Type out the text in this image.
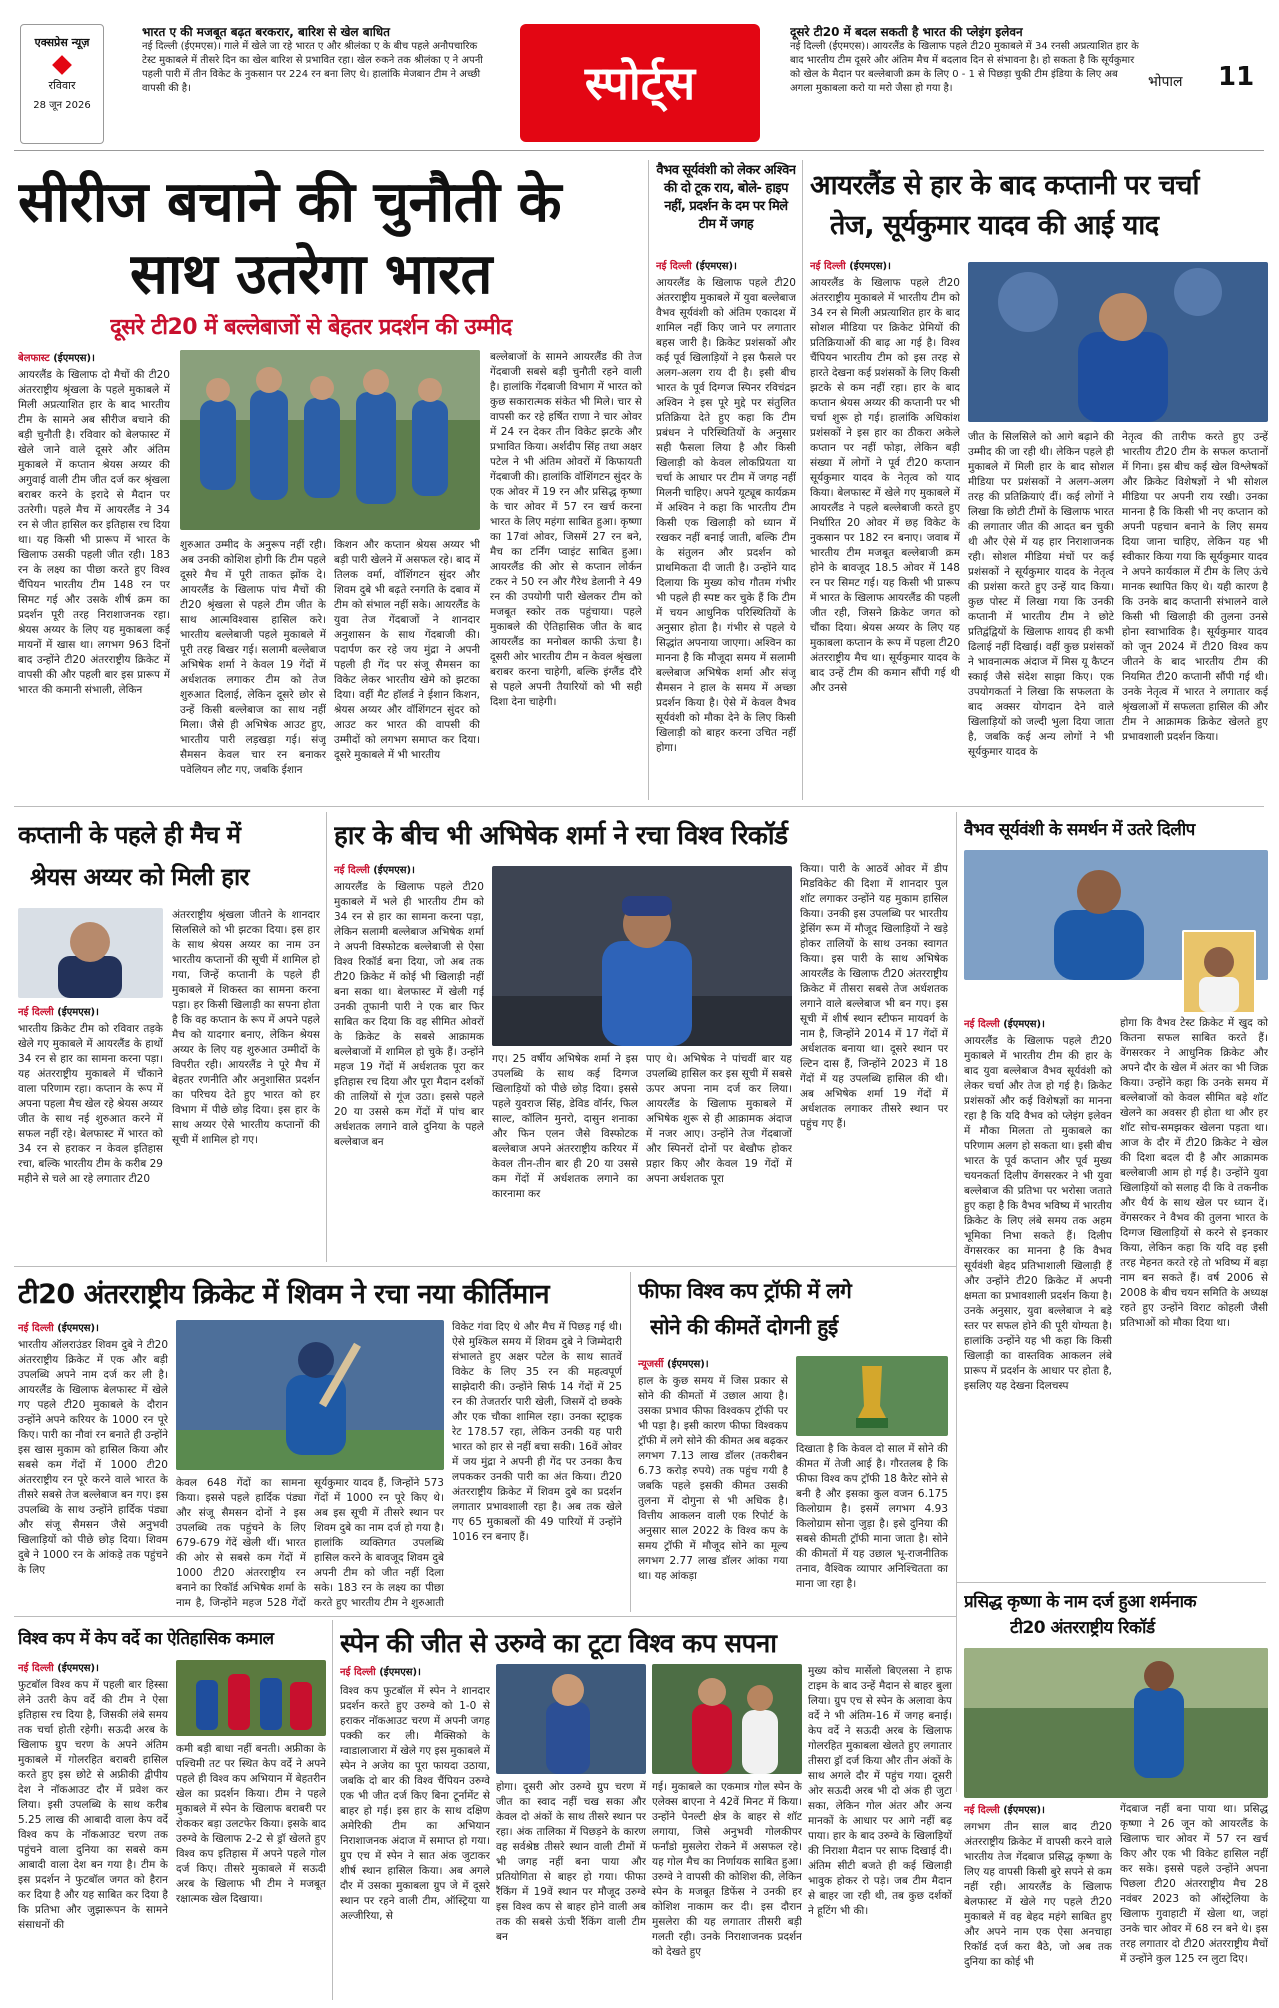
एक्सप्रेस न्यूज़
रविवार
28 जून 2026
भारत ए की मजबूत बढ़त बरकरार, बारिश से खेल बाधित
नई दिल्ली (ईएमएस)। गाले में खेले जा रहे भारत ए और श्रीलंका ए के बीच पहले अनौपचारिक टेस्ट मुकाबले में तीसरे दिन का खेल बारिश से प्रभावित रहा। खेल रुकने तक श्रीलंका ए ने अपनी पहली पारी में तीन विकेट के नुकसान पर 224 रन बना लिए थे। हालांकि मेजबान टीम ने अच्छी वापसी की है।	स्पोर्ट्स
दूसरे टी20 में बदल सकती है भारत की प्लेइंग इलेवन
नई दिल्ली (ईएमएस)। आयरलैंड के खिलाफ पहले टी20 मुकाबले में 34 रनसी अप्रत्याशित हार के बाद भारतीय टीम दूसरे और अंतिम मैच में बदलाव दिन से संभावना है। हो सकता है कि सूर्यकुमार को खेल के मैदान पर बल्लेबाजी क्रम के लिए 0 - 1 से पिछड़ा चुकी टीम इंडिया के लिए अब अगला मुकाबला करो या मरो जैसा हो गया है।	भोपाल	11
सीरीज बचाने की चुनौती के
साथ उतरेगा भारत
दूसरे टी20 में बल्लेबाजों से बेहतर प्रदर्शन की उम्मीद
बेलफास्ट (ईएमएस)।
आयरलैंड के खिलाफ दो मैचों की टी20 अंतरराष्ट्रीय श्रृंखला के पहले मुकाबले में मिली अप्रत्याशित हार के बाद भारतीय टीम के सामने अब सीरीज बचाने की बड़ी चुनौती है। रविवार को बेलफास्ट में खेले जाने वाले दूसरे और अंतिम मुकाबले में कप्तान श्रेयस अय्यर की अगुवाई वाली टीम जीत दर्ज कर श्रृंखला बराबर करने के इरादे से मैदान पर उतरेगी। पहले मैच में आयरलैंड ने 34 रन से जीत हासिल कर इतिहास रच दिया था। यह किसी भी प्रारूप में भारत के खिलाफ उसकी पहली जीत रही। 183 रन के लक्ष्य का पीछा करते हुए विश्व चैंपियन भारतीय टीम 148 रन पर सिमट गई और उसके शीर्ष क्रम का प्रदर्शन पूरी तरह निराशाजनक रहा। श्रेयस अय्यर के लिए यह मुकाबला कई मायनों में खास था। लगभग 963 दिनों बाद उन्होंने टी20 अंतरराष्ट्रीय क्रिकेट में वापसी की और पहली बार इस प्रारूप में भारत की कमानी संभाली, लेकिन
शुरुआत उम्मीद के अनुरूप नहीं रही। अब उनकी कोशिश होगी कि टीम पहले दूसरे मैच में पूरी ताकत झोंक दे। आयरलैंड के खिलाफ पांच मैचों की टी20 श्रृंखला से पहले टीम जीत के साथ आत्मविश्वास हासिल करे। भारतीय बल्लेबाजी पहले मुकाबले में पूरी तरह बिखर गई। सलामी बल्लेबाज अभिषेक शर्मा ने केवल 19 गेंदों में अर्धशतक लगाकर टीम को तेज शुरुआत दिलाई, लेकिन दूसरे छोर से उन्हें किसी बल्लेबाज का साथ नहीं मिला। जैसे ही अभिषेक आउट हुए, भारतीय पारी लड़खड़ा गई। संजू सैमसन केवल चार रन बनाकर पवेलियन लौट गए, जबकि ईशान
किशन और कप्तान श्रेयस अय्यर भी बड़ी पारी खेलने में असफल रहे। बाद में तिलक वर्मा, वॉशिंगटन सुंदर और शिवम दुबे भी बढ़ते रनगति के दबाव में टीम को संभाल नहीं सके। आयरलैंड के युवा तेज गेंदबाजों ने शानदार अनुशासन के साथ गेंदबाजी की। पदार्पण कर रहे जय मुंद्रा ने अपनी पहली ही गेंद पर संजू सैमसन का विकेट लेकर भारतीय खेमे को झटका दिया। वहीं मैट हॉलर्ड ने ईशान किशन, श्रेयस अय्यर और वॉशिंगटन सुंदर को आउट कर भारत की वापसी की उम्मीदों को लगभग समाप्त कर दिया। दूसरे मुकाबले में भी भारतीय
बल्लेबाजों के सामने आयरलैंड की तेज गेंदबाजी सबसे बड़ी चुनौती रहने वाली है। हालांकि गेंदबाजी विभाग में भारत को कुछ सकारात्मक संकेत भी मिले। चार से वापसी कर रहे हर्षित राणा ने चार ओवर में 24 रन देकर तीन विकेट झटके और प्रभावित किया। अर्शदीप सिंह तथा अक्षर पटेल ने भी अंतिम ओवरों में किफायती गेंदबाजी की। हालांकि वॉशिंगटन सुंदर के एक ओवर में 19 रन और प्रसिद्ध कृष्णा के चार ओवर में 57 रन खर्च करना भारत के लिए महंगा साबित हुआ। कृष्णा का 17वां ओवर, जिसमें 27 रन बने, मैच का टर्निंग प्वाइंट साबित हुआ। आयरलैंड की ओर से कप्तान लोर्कन टकर ने 50 रन और गैरेथ डेलानी ने 49 रन की उपयोगी पारी खेलकर टीम को मजबूत स्कोर तक पहुंचाया। पहले मुकाबले की ऐतिहासिक जीत के बाद आयरलैंड का मनोबल काफी ऊंचा है। दूसरी ओर भारतीय टीम न केवल श्रृंखला बराबर करना चाहेगी, बल्कि इंग्लैंड दौरे से पहले अपनी तैयारियों को भी सही दिशा देना चाहेगी।
वैभव सूर्यवंशी को लेकर अश्विन की दो टूक राय, बोले- हाइप नहीं, प्रदर्शन के दम पर मिले टीम में जगह
नई दिल्ली (ईएमएस)।
आयरलैंड के खिलाफ पहले टी20 अंतरराष्ट्रीय मुकाबले में युवा बल्लेबाज वैभव सूर्यवंशी को अंतिम एकादश में शामिल नहीं किए जाने पर लगातार बहस जारी है। क्रिकेट प्रशंसकों और कई पूर्व खिलाड़ियों ने इस फैसले पर अलग-अलग राय दी है। इसी बीच भारत के पूर्व दिग्गज स्पिनर रविचंद्रन अश्विन ने इस पूरे मुद्दे पर संतुलित प्रतिक्रिया देते हुए कहा कि टीम प्रबंधन ने परिस्थितियों के अनुसार सही फैसला लिया है और किसी खिलाड़ी को केवल लोकप्रियता या चर्चा के आधार पर टीम में जगह नहीं मिलनी चाहिए। अपने यूट्यूब कार्यक्रम में अश्विन ने कहा कि भारतीय टीम किसी एक खिलाड़ी को ध्यान में रखकर नहीं बनाई जाती, बल्कि टीम के संतुलन और प्रदर्शन को प्राथमिकता दी जाती है। उन्होंने याद दिलाया कि मुख्य कोच गौतम गंभीर भी पहले ही स्पष्ट कर चुके हैं कि टीम में चयन आधुनिक परिस्थितियों के अनुसार होता है। गंभीर से पहले ये सिद्धांत अपनाया जाएगा। अश्विन का मानना है कि मौजूदा समय में सलामी बल्लेबाज अभिषेक शर्मा और संजू सैमसन ने हाल के समय में अच्छा प्रदर्शन किया है। ऐसे में केवल वैभव सूर्यवंशी को मौका देने के लिए किसी खिलाड़ी को बाहर करना उचित नहीं होगा।
आयरलैंड से हार के बाद कप्तानी पर चर्चा
तेज, सूर्यकुमार यादव की आई याद
नई दिल्ली (ईएमएस)।
आयरलैंड के खिलाफ पहले टी20 अंतरराष्ट्रीय मुकाबले में भारतीय टीम को 34 रन से मिली अप्रत्याशित हार के बाद सोशल मीडिया पर क्रिकेट प्रेमियों की प्रतिक्रियाओं की बाढ़ आ गई है। विश्व चैंपियन भारतीय टीम को इस तरह से हारते देखना कई प्रशंसकों के लिए किसी झटके से कम नहीं रहा। हार के बाद कप्तान श्रेयस अय्यर की कप्तानी पर भी चर्चा शुरू हो गई। हालांकि अधिकांश प्रशंसकों ने इस हार का ठीकरा अकेले कप्तान पर नहीं फोड़ा, लेकिन बड़ी संख्या में लोगों ने पूर्व टी20 कप्तान सूर्यकुमार यादव के नेतृत्व को याद किया। बेलफास्ट में खेले गए मुकाबले में आयरलैंड ने पहले बल्लेबाजी करते हुए निर्धारित 20 ओवर में छह विकेट के नुकसान पर 182 रन बनाए। जवाब में भारतीय टीम मजबूत बल्लेबाजी क्रम होने के बावजूद 18.5 ओवर में 148 रन पर सिमट गई। यह किसी भी प्रारूप में भारत के खिलाफ आयरलैंड की पहली जीत रही, जिसने क्रिकेट जगत को चौंका दिया। श्रेयस अय्यर के लिए यह मुकाबला कप्तान के रूप में पहला टी20 अंतरराष्ट्रीय मैच था। सूर्यकुमार यादव के बाद उन्हें टीम की कमान सौंपी गई थी और उनसे
जीत के सिलसिले को आगे बढ़ाने की उम्मीद की जा रही थी। लेकिन पहले ही मुकाबले में मिली हार के बाद सोशल मीडिया पर प्रशंसकों ने अलग-अलग तरह की प्रतिक्रियाएं दीं। कई लोगों ने लिखा कि छोटी टीमों के खिलाफ भारत की लगातार जीत की आदत बन चुकी थी और ऐसे में यह हार निराशाजनक रही। सोशल मीडिया मंचों पर कई प्रशंसकों ने सूर्यकुमार यादव के नेतृत्व की प्रशंसा करते हुए उन्हें याद किया। कुछ पोस्ट में लिखा गया कि उनकी कप्तानी में भारतीय टीम ने छोटे प्रतिद्वंद्वियों के खिलाफ शायद ही कभी ढिलाई नहीं दिखाई। वहीं कुछ प्रशंसकों ने भावनात्मक अंदाज में मिस यू कैप्टन स्काई जैसे संदेश साझा किए। एक उपयोगकर्ता ने लिखा कि सफलता के बाद अक्सर योगदान देने वाले खिलाड़ियों को जल्दी भुला दिया जाता है, जबकि कई अन्य लोगों ने भी सूर्यकुमार यादव के
नेतृत्व की तारीफ करते हुए उन्हें भारतीय टी20 टीम के सफल कप्तानों में गिना। इस बीच कई खेल विश्लेषकों और क्रिकेट विशेषज्ञों ने भी सोशल मीडिया पर अपनी राय रखी। उनका मानना है कि किसी भी नए कप्तान को अपनी पहचान बनाने के लिए समय दिया जाना चाहिए, लेकिन यह भी स्वीकार किया गया कि सूर्यकुमार यादव ने अपने कार्यकाल में टीम के लिए ऊंचे मानक स्थापित किए थे। यही कारण है कि उनके बाद कप्तानी संभालने वाले किसी भी खिलाड़ी की तुलना उनसे होना स्वाभाविक है। सूर्यकुमार यादव को जून 2024 में टी20 विश्व कप जीतने के बाद भारतीय टीम की नियमित टी20 कप्तानी सौंपी गई थी। उनके नेतृत्व में भारत ने लगातार कई श्रृंखलाओं में सफलता हासिल की और टीम ने आक्रामक क्रिकेट खेलते हुए प्रभावशाली प्रदर्शन किया।
कप्तानी के पहले ही मैच में
श्रेयस अय्यर को मिली हार
नई दिल्ली (ईएमएस)।
भारतीय क्रिकेट टीम को रविवार तड़के खेले गए मुकाबले में आयरलैंड के हाथों 34 रन से हार का सामना करना पड़ा। यह अंतरराष्ट्रीय मुकाबले में चौंकाने वाला परिणाम रहा। कप्तान के रूप में अपना पहला मैच खेल रहे श्रेयस अय्यर जीत के साथ नई शुरुआत करने में सफल नहीं रहे। बेलफास्ट में भारत को 34 रन से हराकर न केवल इतिहास रचा, बल्कि भारतीय टीम के करीब 29 महीने से चले आ रहे लगातार टी20
अंतरराष्ट्रीय श्रृंखला जीतने के शानदार सिलसिले को भी झटका दिया। इस हार के साथ श्रेयस अय्यर का नाम उन भारतीय कप्तानों की सूची में शामिल हो गया, जिन्हें कप्तानी के पहले ही मुकाबले में शिकस्त का सामना करना पड़ा। हर किसी खिलाड़ी का सपना होता है कि वह कप्तान के रूप में अपने पहले मैच को यादगार बनाए, लेकिन श्रेयस अय्यर के लिए यह शुरुआत उम्मीदों के विपरीत रही। आयरलैंड ने पूरे मैच में बेहतर रणनीति और अनुशासित प्रदर्शन का परिचय देते हुए भारत को हर विभाग में पीछे छोड़ दिया। इस हार के साथ अय्यर ऐसे भारतीय कप्तानों की सूची में शामिल हो गए।
हार के बीच भी अभिषेक शर्मा ने रचा विश्व रिकॉर्ड
नई दिल्ली (ईएमएस)।
आयरलैंड के खिलाफ पहले टी20 मुकाबले में भले ही भारतीय टीम को 34 रन से हार का सामना करना पड़ा, लेकिन सलामी बल्लेबाज अभिषेक शर्मा ने अपनी विस्फोटक बल्लेबाजी से ऐसा विश्व रिकॉर्ड बना दिया, जो अब तक टी20 क्रिकेट में कोई भी खिलाड़ी नहीं बना सका था। बेलफास्ट में खेली गई उनकी तूफानी पारी ने एक बार फिर साबित कर दिया कि वह सीमित ओवरों के क्रिकेट के सबसे आक्रामक बल्लेबाजों में शामिल हो चुके हैं। उन्होंने महज 19 गेंदों में अर्धशतक पूरा कर इतिहास रच दिया और पूरा मैदान दर्शकों की तालियों से गूंज उठा। इससे पहले 20 या उससे कम गेंदों में पांच बार अर्धशतक लगाने वाले दुनिया के पहले बल्लेबाज बन
गए। 25 वर्षीय अभिषेक शर्मा ने इस उपलब्धि के साथ कई दिग्गज खिलाड़ियों को पीछे छोड़ दिया। इससे पहले युवराज सिंह, डेविड वॉर्नर, फिल साल्ट, कॉलिन मुनरो, दासुन शनाका और फिन एलन जैसे विस्फोटक बल्लेबाज अपने अंतरराष्ट्रीय करियर में केवल तीन-तीन बार ही 20 या उससे कम गेंदों में अर्धशतक लगाने का कारनामा कर
पाए थे। अभिषेक ने पांचवीं बार यह उपलब्धि हासिल कर इस सूची में सबसे ऊपर अपना नाम दर्ज कर लिया। आयरलैंड के खिलाफ मुकाबले में अभिषेक शुरू से ही आक्रामक अंदाज में नजर आए। उन्होंने तेज गेंदबाजों और स्पिनरों दोनों पर बेखौफ होकर प्रहार किए और केवल 19 गेंदों में अपना अर्धशतक पूरा
किया। पारी के आठवें ओवर में डीप मिडविकेट की दिशा में शानदार पुल शॉट लगाकर उन्होंने यह मुकाम हासिल किया। उनकी इस उपलब्धि पर भारतीय ड्रेसिंग रूम में मौजूद खिलाड़ियों ने खड़े होकर तालियों के साथ उनका स्वागत किया। इस पारी के साथ अभिषेक आयरलैंड के खिलाफ टी20 अंतरराष्ट्रीय क्रिकेट में तीसरा सबसे तेज अर्धशतक लगाने वाले बल्लेबाज भी बन गए। इस सूची में शीर्ष स्थान स्टीफन मायवर्ग के नाम है, जिन्होंने 2014 में 17 गेंदों में अर्धशतक बनाया था। दूसरे स्थान पर ल्टिन दास हैं, जिन्होंने 2023 में 18 गेंदों में यह उपलब्धि हासिल की थी। अब अभिषेक शर्मा 19 गेंदों में अर्धशतक लगाकर तीसरे स्थान पर पहुंच गए हैं।
वैभव सूर्यवंशी के समर्थन में उतरे दिलीप
नई दिल्ली (ईएमएस)।
आयरलैंड के खिलाफ पहले टी20 मुकाबले में भारतीय टीम की हार के बाद युवा बल्लेबाज वैभव सूर्यवंशी को लेकर चर्चा और तेज हो गई है। क्रिकेट प्रशंसकों और कई विशेषज्ञों का मानना रहा है कि यदि वैभव को प्लेइंग इलेवन में मौका मिलता तो मुकाबले का परिणाम अलग हो सकता था। इसी बीच भारत के पूर्व कप्तान और पूर्व मुख्य चयनकर्ता दिलीप वेंगसरकर ने भी युवा बल्लेबाज की प्रतिभा पर भरोसा जताते हुए कहा है कि वैभव भविष्य में भारतीय क्रिकेट के लिए लंबे समय तक अहम भूमिका निभा सकते हैं। दिलीप वेंगसरकर का मानना है कि वैभव सूर्यवंशी बेहद प्रतिभाशाली खिलाड़ी हैं और उन्होंने टी20 क्रिकेट में अपनी क्षमता का प्रभावशाली प्रदर्शन किया है। उनके अनुसार, युवा बल्लेबाज ने बड़े स्तर पर सफल होने की पूरी योग्यता है। हालांकि उन्होंने यह भी कहा कि किसी खिलाड़ी का वास्तविक आकलन लंबे प्रारूप में प्रदर्शन के आधार पर होता है, इसलिए यह देखना दिलचस्प
होगा कि वैभव टेस्ट क्रिकेट में खुद को कितना सफल साबित करते हैं। वेंगसरकर ने आधुनिक क्रिकेट और अपने दौर के खेल में अंतर का भी जिक्र किया। उन्होंने कहा कि उनके समय में बल्लेबाजों को केवल सीमित बड़े शॉट खेलने का अवसर ही होता था और हर शॉट सोच-समझकर खेलना पड़ता था। आज के दौर में टी20 क्रिकेट ने खेल की दिशा बदल दी है और आक्रामक बल्लेबाजी आम हो गई है। उन्होंने युवा खिलाड़ियों को सलाह दी कि वे तकनीक और धैर्य के साथ खेल पर ध्यान दें। वेंगसरकर ने वैभव की तुलना भारत के दिग्गज खिलाड़ियों से करने से इनकार किया, लेकिन कहा कि यदि वह इसी तरह मेहनत करते रहे तो भविष्य में बड़ा नाम बन सकते हैं। वर्ष 2006 से 2008 के बीच चयन समिति के अध्यक्ष रहते हुए उन्होंने विराट कोहली जैसी प्रतिभाओं को मौका दिया था।
टी20 अंतरराष्ट्रीय क्रिकेट में शिवम ने रचा नया कीर्तिमान
नई दिल्ली (ईएमएस)।
भारतीय ऑलराउंडर शिवम दुबे ने टी20 अंतरराष्ट्रीय क्रिकेट में एक और बड़ी उपलब्धि अपने नाम दर्ज कर ली है। आयरलैंड के खिलाफ बेलफास्ट में खेले गए पहले टी20 मुकाबले के दौरान उन्होंने अपने करियर के 1000 रन पूरे किए। पारी का नौवां रन बनाते ही उन्होंने इस खास मुकाम को हासिल किया और सबसे कम गेंदों में 1000 टी20 अंतरराष्ट्रीय रन पूरे करने वाले भारत के तीसरे सबसे तेज बल्लेबाज बन गए। इस उपलब्धि के साथ उन्होंने हार्दिक पंड्या और संजू सैमसन जैसे अनुभवी खिलाड़ियों को पीछे छोड़ दिया। शिवम दुबे ने 1000 रन के आंकड़े तक पहुंचने के लिए
केवल 648 गेंदों का सामना किया। इससे पहले हार्दिक पंड्या और संजू सैमसन दोनों ने इस उपलब्धि तक पहुंचने के लिए 679-679 गेंदें खेली थीं। भारत की ओर से सबसे कम गेंदों में 1000 टी20 अंतरराष्ट्रीय रन बनाने का रिकॉर्ड अभिषेक शर्मा के नाम है, जिन्होंने महज 528 गेंदों
सूर्यकुमार यादव हैं, जिन्होंने 573 गेंदों में 1000 रन पूरे किए थे। अब इस सूची में तीसरे स्थान पर शिवम दुबे का नाम दर्ज हो गया है। हालांकि व्यक्तिगत उपलब्धि हासिल करने के बावजूद शिवम दुबे अपनी टीम को जीत नहीं दिला सके। 183 रन के लक्ष्य का पीछा करते हुए भारतीय टीम ने शुरुआती
विकेट गंवा दिए थे और मैच में पिछड़ गई थी। ऐसे मुश्किल समय में शिवम दुबे ने जिम्मेदारी संभालते हुए अक्षर पटेल के साथ सातवें विकेट के लिए 35 रन की महत्वपूर्ण साझेदारी की। उन्होंने सिर्फ 14 गेंदों में 25 रन की तेजतर्रार पारी खेली, जिसमें दो छक्के और एक चौका शामिल रहा। उनका स्ट्राइक रेट 178.57 रहा, लेकिन उनकी यह पारी भारत को हार से नहीं बचा सकी। 16वें ओवर में जय मुंद्रा ने अपनी ही गेंद पर उनका कैच लपककर उनकी पारी का अंत किया। टी20 अंतरराष्ट्रीय क्रिकेट में शिवम दुबे का प्रदर्शन लगातार प्रभावशाली रहा है। अब तक खेले गए 65 मुकाबलों की 49 पारियों में उन्होंने 1016 रन बनाए हैं।
फीफा विश्व कप ट्रॉफी में लगे
सोने की कीमतें दोगनी हुई
न्यूजर्सी (ईएमएस)।
हाल के कुछ समय में जिस प्रकार से सोने की कीमतों में उछाल आया है। उसका प्रभाव फीफा विश्वकप ट्रॉफी पर भी पड़ा है। इसी कारण फीफा विश्वकप ट्रॉफी में लगे सोने की कीमत अब बढ़कर लगभग 7.13 लाख डॉलर (तकरीबन 6.73 करोड़ रुपये) तक पहुंच गयी है जबकि पहले इसकी कीमत उसकी तुलना में दोगुना से भी अधिक है। वित्तीय आकलन वाली एक रिपोर्ट के अनुसार साल 2022 के विश्व कप के समय ट्रॉफी में मौजूद सोने का मूल्य लगभग 2.77 लाख डॉलर आंका गया था। यह आंकड़ा
दिखाता है कि केवल दो साल में सोने की कीमत में तेजी आई है। गौरतलब है कि फीफा विश्व कप ट्रॉफी 18 कैरेट सोने से बनी है और इसका कुल वजन 6.175 किलोग्राम है। इसमें लगभग 4.93 किलोग्राम सोना जुड़ा है। इसे दुनिया की सबसे कीमती ट्रॉफी माना जाता है। सोने की कीमतों में यह उछाल भू-राजनीतिक तनाव, वैश्विक व्यापार अनिश्चितता का माना जा रहा है।
प्रसिद्ध कृष्णा के नाम दर्ज हुआ शर्मनाक
टी20 अंतरराष्ट्रीय रिकॉर्ड
विश्व कप में केप वर्दे का ऐतिहासिक कमाल
नई दिल्ली (ईएमएस)।
फुटबॉल विश्व कप में पहली बार हिस्सा लेने उतरी केप वर्दे की टीम ने ऐसा इतिहास रच दिया है, जिसकी लंबे समय तक चर्चा होती रहेगी। सऊदी अरब के खिलाफ ग्रुप चरण के अपने अंतिम मुकाबले में गोलरहित बराबरी हासिल करते हुए इस छोटे से अफ्रीकी द्वीपीय देश ने नॉकआउट दौर में प्रवेश कर लिया। इसी उपलब्धि के साथ करीब 5.25 लाख की आबादी वाला केप वर्दे विश्व कप के नॉकआउट चरण तक पहुंचने वाला दुनिया का सबसे कम आबादी वाला देश बन गया है। टीम के इस प्रदर्शन ने फुटबॉल जगत को हैरान कर दिया है और यह साबित कर दिया है कि प्रतिभा और जुझारूपन के सामने संसाधनों की
कमी बड़ी बाधा नहीं बनती। अफ्रीका के पश्चिमी तट पर स्थित केप वर्दे ने अपने पहले ही विश्व कप अभियान में बेहतरीन खेल का प्रदर्शन किया। टीम ने पहले मुकाबले में स्पेन के खिलाफ बराबरी पर रोककर बड़ा उलटफेर किया। इसके बाद उरुग्वे के खिलाफ 2-2 से ड्रॉ खेलते हुए विश्व कप इतिहास में अपने पहले गोल दर्ज किए। तीसरे मुकाबले में सऊदी अरब के खिलाफ भी टीम ने मजबूत रक्षात्मक खेल दिखाया।
स्पेन की जीत से उरुग्वे का टूटा विश्व कप सपना
नई दिल्ली (ईएमएस)।
विश्व कप फुटबॉल में स्पेन ने शानदार प्रदर्शन करते हुए उरुग्वे को 1-0 से हराकर नॉकआउट चरण में अपनी जगह पक्की कर ली। मैक्सिको के ग्वाडालाजारा में खेले गए इस मुकाबले में स्पेन ने अजेय का पूरा फायदा उठाया, जबकि दो बार की विश्व चैंपियन उरुग्वे एक भी जीत दर्ज किए बिना टूर्नामेंट से बाहर हो गई। इस हार के साथ दक्षिण अमेरिकी टीम का अभियान निराशाजनक अंदाज में समाप्त हो गया। ग्रुप एच में स्पेन ने सात अंक जुटाकर शीर्ष स्थान हासिल किया। अब अगले दौर में उसका मुकाबला ग्रुप जे में दूसरे स्थान पर रहने वाली टीम, ऑस्ट्रिया या अल्जीरिया, से
होगा। दूसरी ओर उरुग्वे ग्रुप चरण में जीत का स्वाद नहीं चख सका और केवल दो अंकों के साथ तीसरे स्थान पर रहा। अंक तालिका में पिछड़ने के कारण वह सर्वश्रेष्ठ तीसरे स्थान वाली टीमों में भी जगह नहीं बना पाया और प्रतियोगिता से बाहर हो गया। फीफा रैंकिंग में 19वें स्थान पर मौजूद उरुग्वे इस विश्व कप से बाहर होने वाली अब तक की सबसे ऊंची रैंकिंग वाली टीम बन
गई। मुकाबले का एकमात्र गोल स्पेन के एलेक्स बाएना ने 42वें मिनट में किया। उन्होंने पेनल्टी क्षेत्र के बाहर से शॉट लगाया, जिसे अनुभवी गोलकीपर फर्नांडो मुसलेरा रोकने में असफल रहे। यह गोल मैच का निर्णायक साबित हुआ। उरुग्वे ने वापसी की कोशिश की, लेकिन स्पेन के मजबूत डिफेंस ने उनकी हर कोशिश नाकाम कर दी। इस दौरान मुसलेरा की यह लगातार तीसरी बड़ी गलती रही। उनके निराशाजनक प्रदर्शन को देखते हुए
मुख्य कोच मार्सेलो बिएलसा ने हाफ टाइम के बाद उन्हें मैदान से बाहर बुला लिया। ग्रुप एच से स्पेन के अलावा केप वर्दे ने भी अंतिम-16 में जगह बनाई। केप वर्दे ने सऊदी अरब के खिलाफ गोलरहित मुकाबला खेलते हुए लगातार तीसरा ड्रॉ दर्ज किया और तीन अंकों के साथ अगले दौर में पहुंच गया। दूसरी ओर सऊदी अरब भी दो अंक ही जुटा सका, लेकिन गोल अंतर और अन्य मानकों के आधार पर आगे नहीं बढ़ पाया। हार के बाद उरुग्वे के खिलाड़ियों की निराशा मैदान पर साफ दिखाई दी। अंतिम सीटी बजते ही कई खिलाड़ी भावुक होकर रो पड़े। जब टीम मैदान से बाहर जा रही थी, तब कुछ दर्शकों ने हूटिंग भी की।
नई दिल्ली (ईएमएस)।
लगभग तीन साल बाद टी20 अंतरराष्ट्रीय क्रिकेट में वापसी करने वाले भारतीय तेज गेंदबाज प्रसिद्ध कृष्णा के लिए यह वापसी किसी बुरे सपने से कम नहीं रही। आयरलैंड के खिलाफ बेलफास्ट में खेले गए पहले टी20 मुकाबले में वह बेहद महंगे साबित हुए और अपने नाम एक ऐसा अनचाहा रिकॉर्ड दर्ज करा बैठे, जो अब तक दुनिया का कोई भी
गेंदबाज नहीं बना पाया था। प्रसिद्ध कृष्णा ने 26 जून को आयरलैंड के खिलाफ चार ओवर में 57 रन खर्च किए और एक भी विकेट हासिल नहीं कर सके। इससे पहले उन्होंने अपना पिछला टी20 अंतरराष्ट्रीय मैच 28 नवंबर 2023 को ऑस्ट्रेलिया के खिलाफ गुवाहाटी में खेला था, जहां उनके चार ओवर में 68 रन बने थे। इस तरह लगातार दो टी20 अंतरराष्ट्रीय मैचों में उन्होंने कुल 125 रन लुटा दिए।
